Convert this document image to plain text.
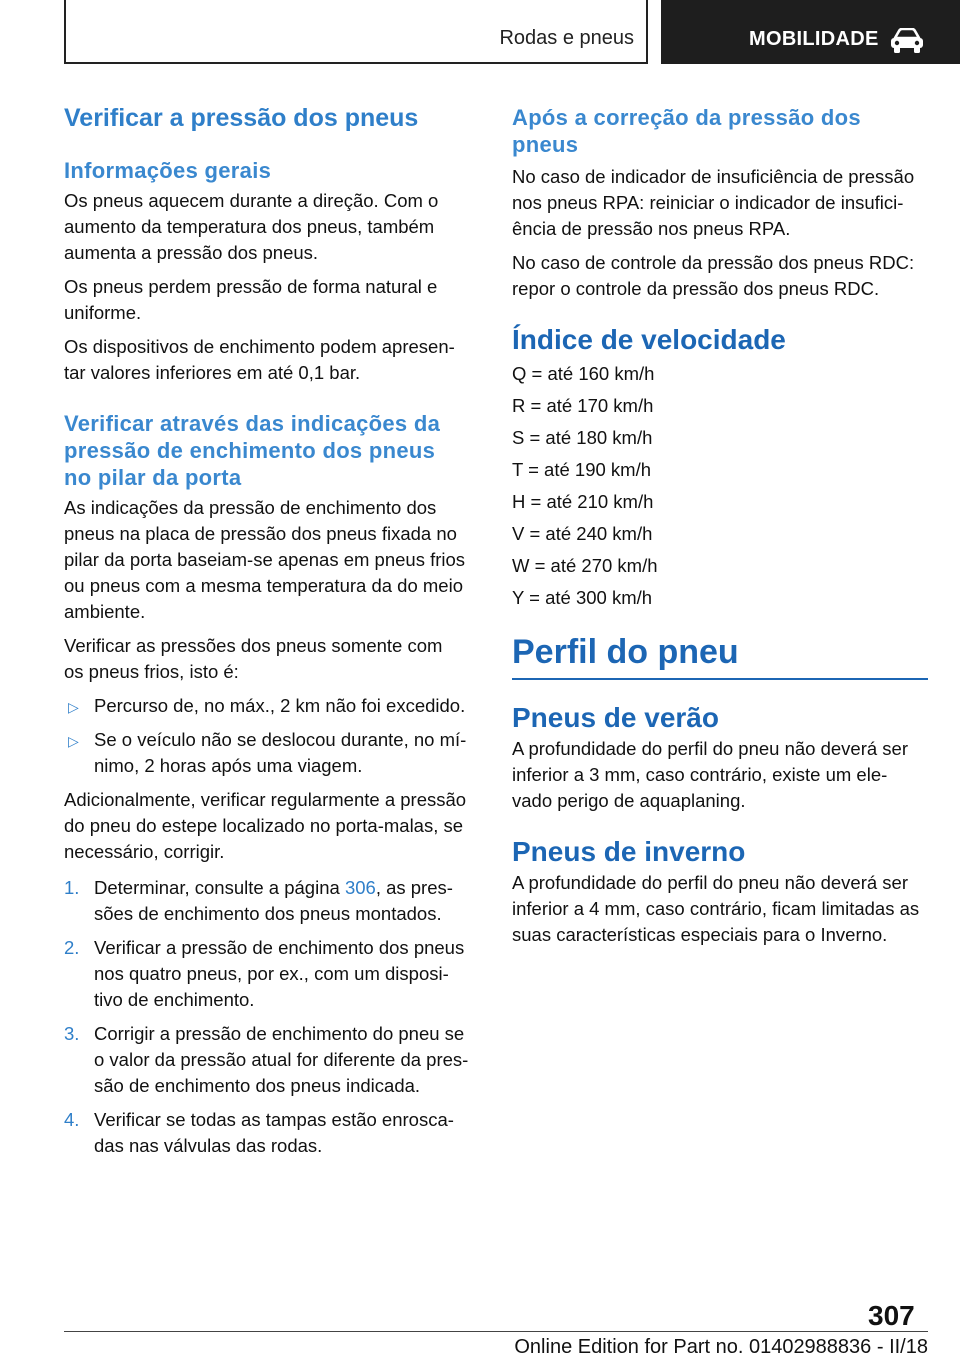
Rodas e pneus	MOBILIDADE
Verificar a pressão dos pneus
Informações gerais

Os pneus aquecem durante a direção. Com o
aumento da temperatura dos pneus, também
aumenta a pressão dos pneus.

Os pneus perdem pressão de forma natural e
uniforme.

Os dispositivos de enchimento podem apresen-
tar valores inferiores em até 0,1 bar.

Verificar através das indicações da
pressão de enchimento dos pneus
no pilar da porta

As indicações da pressão de enchimento dos
pneus na placa de pressão dos pneus fixada no
pilar da porta baseiam-se apenas em pneus frios
ou pneus com a mesma temperatura da do meio
ambiente.

Verificar as pressões dos pneus somente com
os pneus frios, isto é:

▷ Percurso de, no máx., 2 km não foi excedido.
▷ Se o veículo não se deslocou durante, no mí-
nimo, 2 horas após uma viagem.

Adicionalmente, verificar regularmente a pressão
do pneu do estepe localizado no porta-malas, se
necessário, corrigir.

1. Determinar, consulte a página 306, as pres-
sões de enchimento dos pneus montados.
2. Verificar a pressão de enchimento dos pneus
nos quatro pneus, por ex., com um disposi-
tivo de enchimento.
3. Corrigir a pressão de enchimento do pneu se
o valor da pressão atual for diferente da pres-
são de enchimento dos pneus indicada.
4. Verificar se todas as tampas estão enrosca-
das nas válvulas das rodas.
Após a correção da pressão dos
pneus

No caso de indicador de insuficiência de pressão
nos pneus RPA: reiniciar o indicador de insufici-
ência de pressão nos pneus RPA.

No caso de controle da pressão dos pneus RDC:
repor o controle da pressão dos pneus RDC.

Índice de velocidade

Q = até 160 km/h

R = até 170 km/h

S = até 180 km/h

T = até 190 km/h

H = até 210 km/h

V = até 240 km/h

W = até 270 km/h

Y = até 300 km/h

Perfil do pneu
Pneus de verão

A profundidade do perfil do pneu não deverá ser
inferior a 3 mm, caso contrário, existe um ele-
vado perigo de aquaplaning.

Pneus de inverno

A profundidade do perfil do pneu não deverá ser
inferior a 4 mm, caso contrário, ficam limitadas as
suas características especiais para o Inverno.

307
Online Edition for Part no. 01402988836 - II/18
